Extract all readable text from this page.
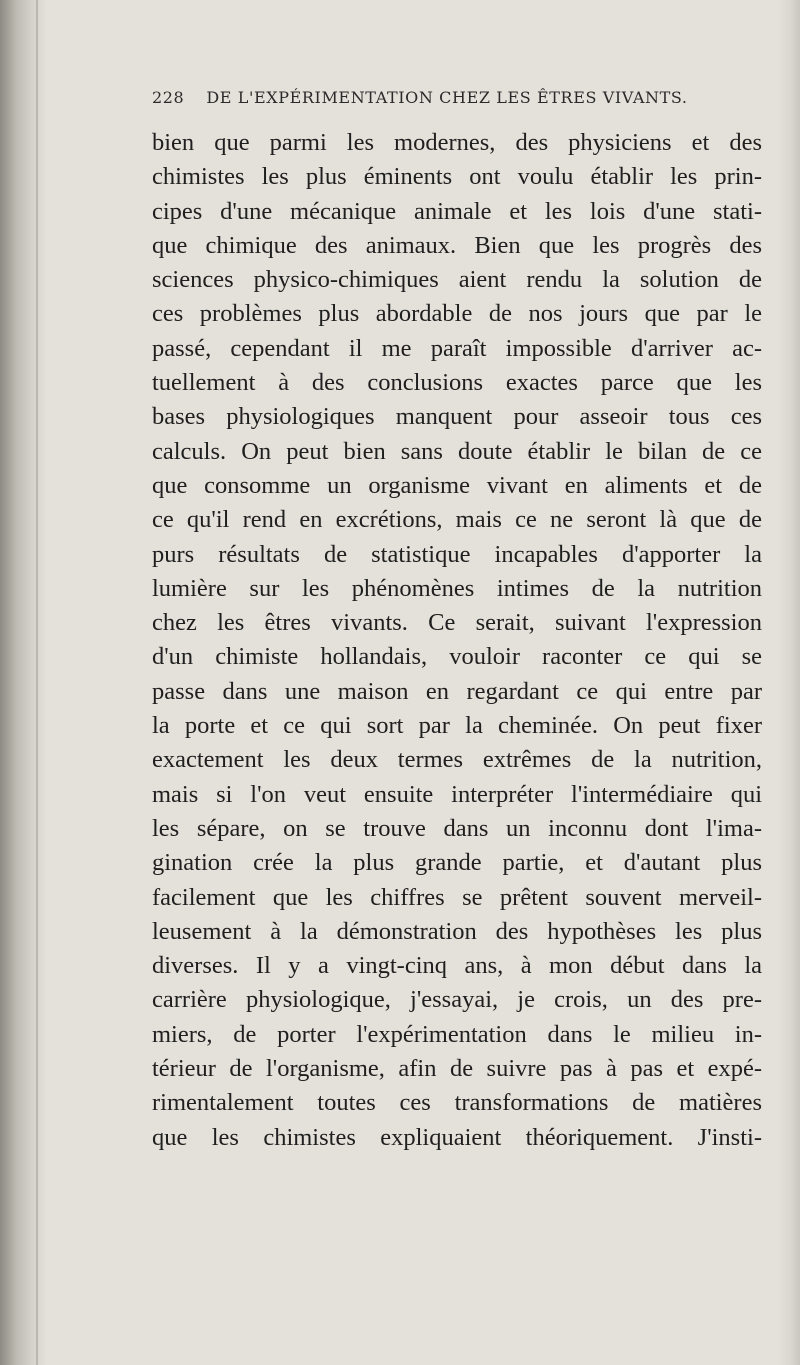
228 DE L'EXPÉRIMENTATION CHEZ LES ÊTRES VIVANTS.
bien que parmi les modernes, des physiciens et des
chimistes les plus éminents ont voulu établir les prin-
cipes d'une mécanique animale et les lois d'une stati-
que chimique des animaux. Bien que les progrès des
sciences physico-chimiques aient rendu la solution de
ces problèmes plus abordable de nos jours que par le
passé, cependant il me paraît impossible d'arriver ac-
tuellement à des conclusions exactes parce que les
bases physiologiques manquent pour asseoir tous ces
calculs. On peut bien sans doute établir le bilan de ce
que consomme un organisme vivant en aliments et de
ce qu'il rend en excrétions, mais ce ne seront là que de
purs résultats de statistique incapables d'apporter la
lumière sur les phénomènes intimes de la nutrition
chez les êtres vivants. Ce serait, suivant l'expression
d'un chimiste hollandais, vouloir raconter ce qui se
passe dans une maison en regardant ce qui entre par
la porte et ce qui sort par la cheminée. On peut fixer
exactement les deux termes extrêmes de la nutrition,
mais si l'on veut ensuite interpréter l'intermédiaire qui
les sépare, on se trouve dans un inconnu dont l'ima-
gination crée la plus grande partie, et d'autant plus
facilement que les chiffres se prêtent souvent merveil-
leusement à la démonstration des hypothèses les plus
diverses. Il y a vingt-cinq ans, à mon début dans la
carrière physiologique, j'essayai, je crois, un des pre-
miers, de porter l'expérimentation dans le milieu in-
térieur de l'organisme, afin de suivre pas à pas et expé-
rimentalement toutes ces transformations de matières
que les chimistes expliquaient théoriquement. J'insti-
